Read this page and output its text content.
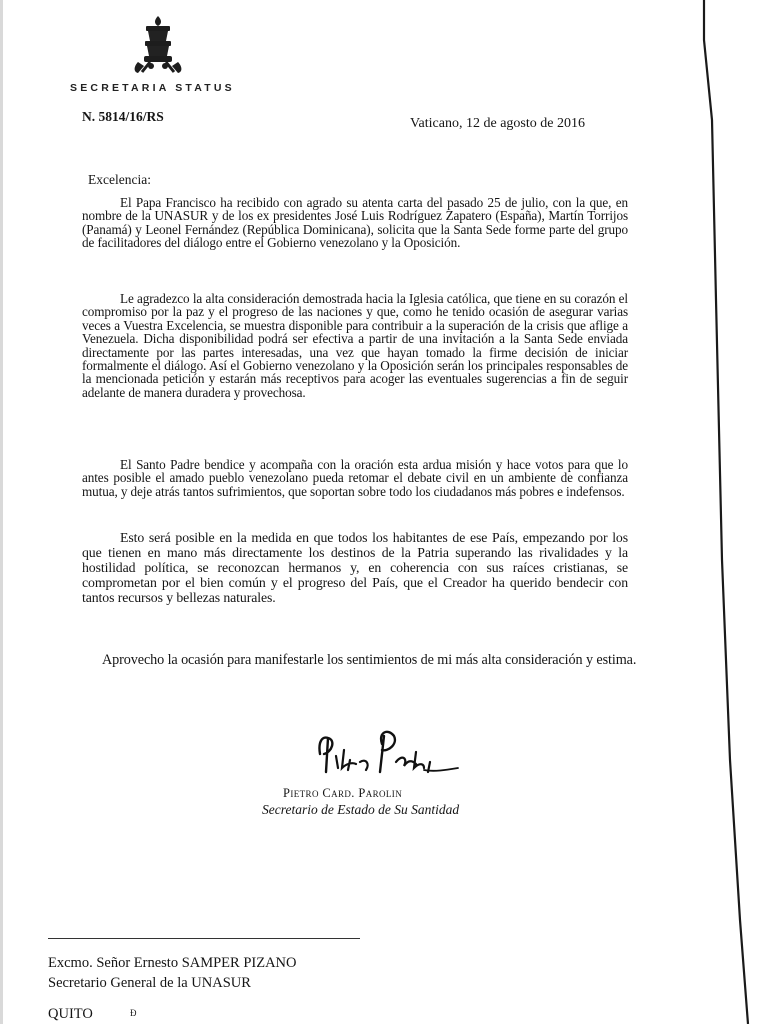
SECRETARIA STATUS
N. 5814/16/RS	Vaticano, 12 de agosto de 2016
Excelencia:

El Papa Francisco ha recibido con agrado su atenta carta del pasado 25 de julio, con la que, en nombre de la UNASUR y de los ex presidentes José Luis Rodríguez Zapatero (España), Martín Torrijos (Panamá) y Leonel Fernández (República Dominicana), solicita que la Santa Sede forme parte del grupo de facilitadores del diálogo entre el Gobierno venezolano y la Oposición.

Le agradezco la alta consideración demostrada hacia la Iglesia católica, que tiene en su corazón el compromiso por la paz y el progreso de las naciones y que, como he tenido ocasión de asegurar varias veces a Vuestra Excelencia, se muestra disponible para contribuir a la superación de la crisis que aflige a Venezuela. Dicha disponibilidad podrá ser efectiva a partir de una invitación a la Santa Sede enviada directamente por las partes interesadas, una vez que hayan tomado la firme decisión de iniciar formalmente el diálogo. Así el Gobierno venezolano y la Oposición serán los principales responsables de la mencionada petición y estarán más receptivos para acoger las eventuales sugerencias a fin de seguir adelante de manera duradera y provechosa.

El Santo Padre bendice y acompaña con la oración esta ardua misión y hace votos para que lo antes posible el amado pueblo venezolano pueda retomar el debate civil en un ambiente de confianza mutua, y deje atrás tantos sufrimientos, que soportan sobre todo los ciudadanos más pobres e indefensos.

Esto será posible en la medida en que todos los habitantes de ese País, empezando por los que tienen en mano más directamente los destinos de la Patria superando las rivalidades y la hostilidad política, se reconozcan hermanos y, en coherencia con sus raíces cristianas, se comprometan por el bien común y el progreso del País, que el Creador ha querido bendecir con tantos recursos y bellezas naturales.

Aprovecho la ocasión para manifestarle los sentimientos de mi más alta consideración y estima.

Pietro Card. Parolin
Secretario de Estado de Su Santidad
Excmo. Señor Ernesto SAMPER PIZANO
Secretario General de la UNASUR
QUITO	Ɖ
